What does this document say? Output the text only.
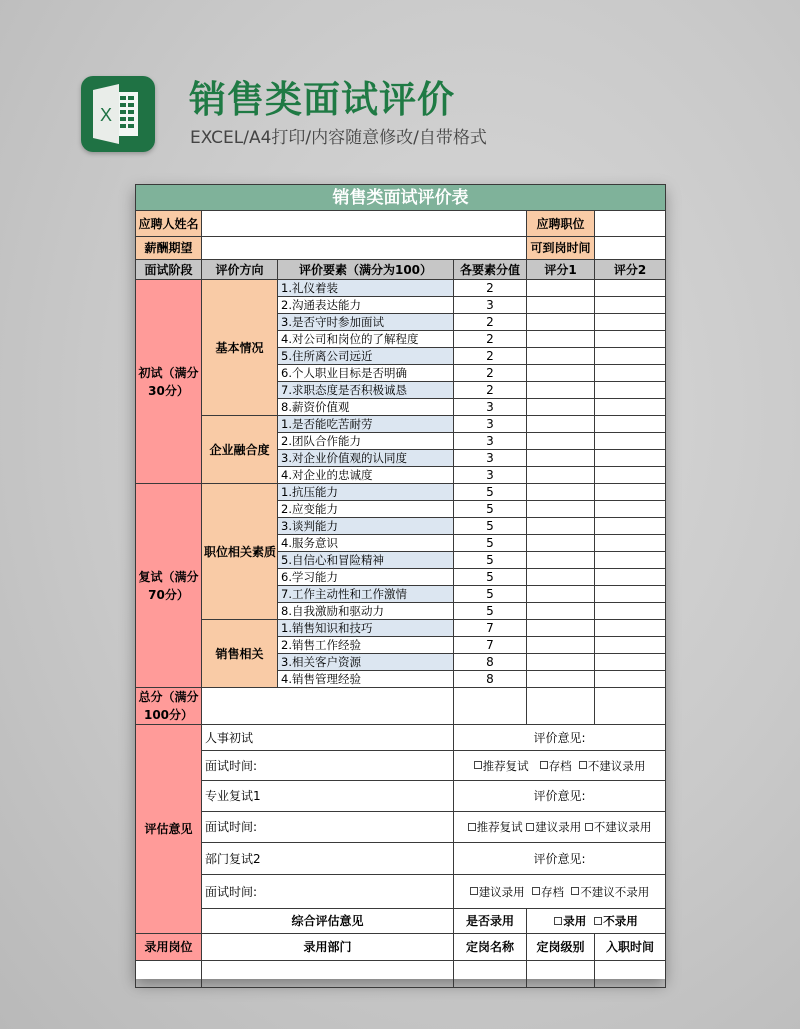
X 销售类面试评价
EXCEL/A4打印/内容随意修改/自带格式
销售类面试评价表					
应聘人姓名				应聘职位	
薪酬期望				可到岗时间	
面试阶段	评价方向	评价要素（满分为100）	各要素分值	评分1	评分2
初试（满分30分）	基本情况	1.礼仪着装	2		
		2.沟通表达能力	3		
		3.是否守时参加面试	2		
		4.对公司和岗位的了解程度	2		
		5.住所离公司远近	2		
		6.个人职业目标是否明确	2		
		7.求职态度是否积极诚恳	2		
		8.薪资价值观	3		
	企业融合度	1.是否能吃苦耐劳	3		
		2.团队合作能力	3		
		3.对企业价值观的认同度	3		
		4.对企业的忠诚度	3		
复试（满分70分）	职位相关素质	1.抗压能力	5		
		2.应变能力	5		
		3.谈判能力	5		
		4.服务意识	5		
		5.自信心和冒险精神	5		
		6.学习能力	5		
		7.工作主动性和工作激情	5		
		8.自我激励和驱动力	5		
	销售相关	1.销售知识和技巧	7		
		2.销售工作经验	7		
		3.相关客户资源	8		
		4.销售管理经验	8		
总分（满分100分）					
评估意见	人事初试		评价意见:		
	面试时间:		推荐复试 存档 不建议录用		
	专业复试1		评价意见:		
	面试时间:		推荐复试 建议录用 不建议录用		
	部门复试2		评价意见:		
	面试时间:		建议录用 存档 不建议不录用		
	综合评估意见		是否录用	录用 不录用	
录用岗位	录用部门		定岗名称	定岗级别	入职时间
